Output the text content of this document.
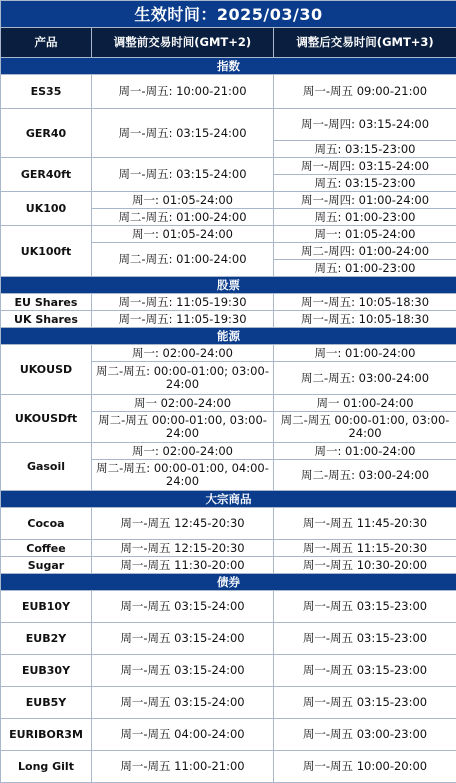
生效时间：2025/03/30		
产品	调整前交易时间(GMT+2)	调整后交易时间(GMT+3)
指数		
ES35	周一-周五: 10:00-21:00	周一-周五 09:00-21:00
GER40	周一-周五: 03:15-24:00	周一-周四: 03:15-24:00
		周五: 03:15-23:00
GER40ft	周一-周五: 03:15-24:00	周一-周四: 03:15-24:00
		周五: 03:15-23:00
UK100	周一: 01:05-24:00	周一-周四: 01:00-24:00
	周二-周五: 01:00-24:00	周五: 01:00-23:00
UK100ft	周一: 01:05-24:00	周一: 01:05-24:00
	周二-周五: 01:00-24:00	周二-周四: 01:00-24:00
		周五: 01:00-23:00
股票		
EU Shares	周一-周五: 11:05-19:30	周一-周五: 10:05-18:30
UK Shares	周一-周五: 11:05-19:30	周一-周五: 10:05-18:30
能源		
UKOUSD	周一: 02:00-24:00	周一: 01:00-24:00
	周二-周五: 00:00-01:00; 03:00-24:00	周二-周五: 03:00-24:00
UKOUSDft	周一 02:00-24:00	周一 01:00-24:00
	周二-周五 00:00-01:00, 03:00-24:00	周二-周五 00:00-01:00, 03:00-24:00
Gasoil	周一: 02:00-24:00	周一: 01:00-24:00
	周二-周五: 00:00-01:00, 04:00-24:00	周二-周五: 03:00-24:00
大宗商品		
Cocoa	周一-周五 12:45-20:30	周一-周五 11:45-20:30
Coffee	周一-周五 12:15-20:30	周一-周五 11:15-20:30
Sugar	周一-周五 11:30-20:00	周一-周五 10:30-20:00
债券		
EUB10Y	周一-周五 03:15-24:00	周一-周五 03:15-23:00
EUB2Y	周一-周五 03:15-24:00	周一-周五 03:15-23:00
EUB30Y	周一-周五 03:15-24:00	周一-周五 03:15-23:00
EUB5Y	周一-周五 03:15-24:00	周一-周五 03:15-23:00
EURIBOR3M	周一-周五 04:00-24:00	周一-周五 03:00-23:00
Long Gilt	周一-周五 11:00-21:00	周一-周五 10:00-20:00
